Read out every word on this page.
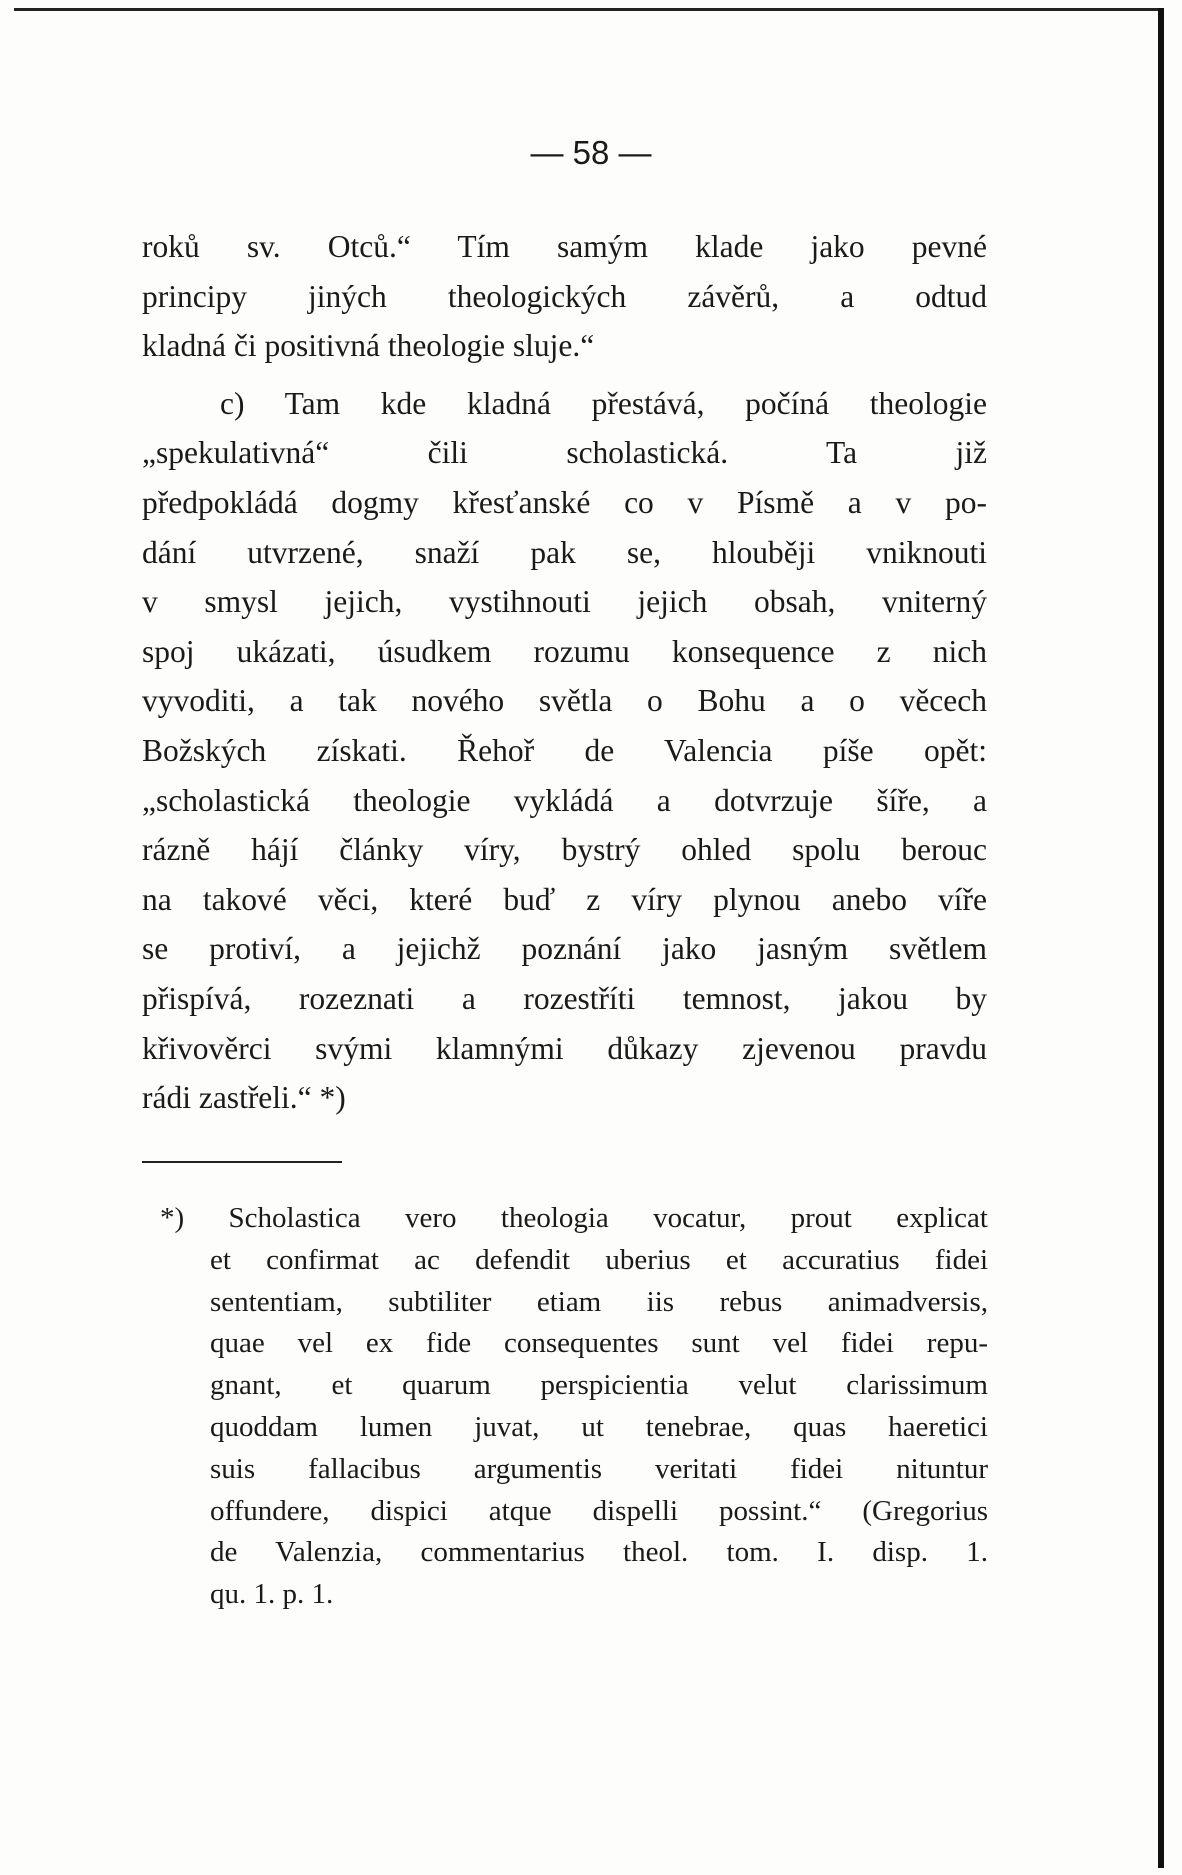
— 58 —
roků sv. Otců.“ Tím samým klade jako pevné
principy jiných theologických závěrů, a odtud
kladná či positivná theologie sluje.“
c) Tam kde kladná přestává, počíná theologie
„spekulativná“ čili scholastická. Ta již
předpokládá dogmy křesťanské co v Písmě a v po-
dání utvrzené, snaží pak se, hlouběji vniknouti
v smysl jejich, vystihnouti jejich obsah, vniterný
spoj ukázati, úsudkem rozumu konsequence z nich
vyvoditi, a tak nového světla o Bohu a o věcech
Božských získati. Řehoř de Valencia píše opět:
„scholastická theologie vykládá a dotvrzuje šíře, a
rázně hájí články víry, bystrý ohled spolu berouc
na takové věci, které buď z víry plynou anebo víře
se protiví, a jejichž poznání jako jasným světlem
přispívá, rozeznati a rozestříti temnost, jakou by
křivověrci svými klamnými důkazy zjevenou pravdu
rádi zastřeli.“ *)
*) Scholastica vero theologia vocatur, prout explicat
et confirmat ac defendit uberius et accuratius fidei
sententiam, subtiliter etiam iis rebus animadversis,
quae vel ex fide consequentes sunt vel fidei repu-
gnant, et quarum perspicientia velut clarissimum
quoddam lumen juvat, ut tenebrae, quas haeretici
suis fallacibus argumentis veritati fidei nituntur
offundere, dispici atque dispelli possint.“ (Gregorius
de Valenzia, commentarius theol. tom. I. disp. 1.
qu. 1. p. 1.
